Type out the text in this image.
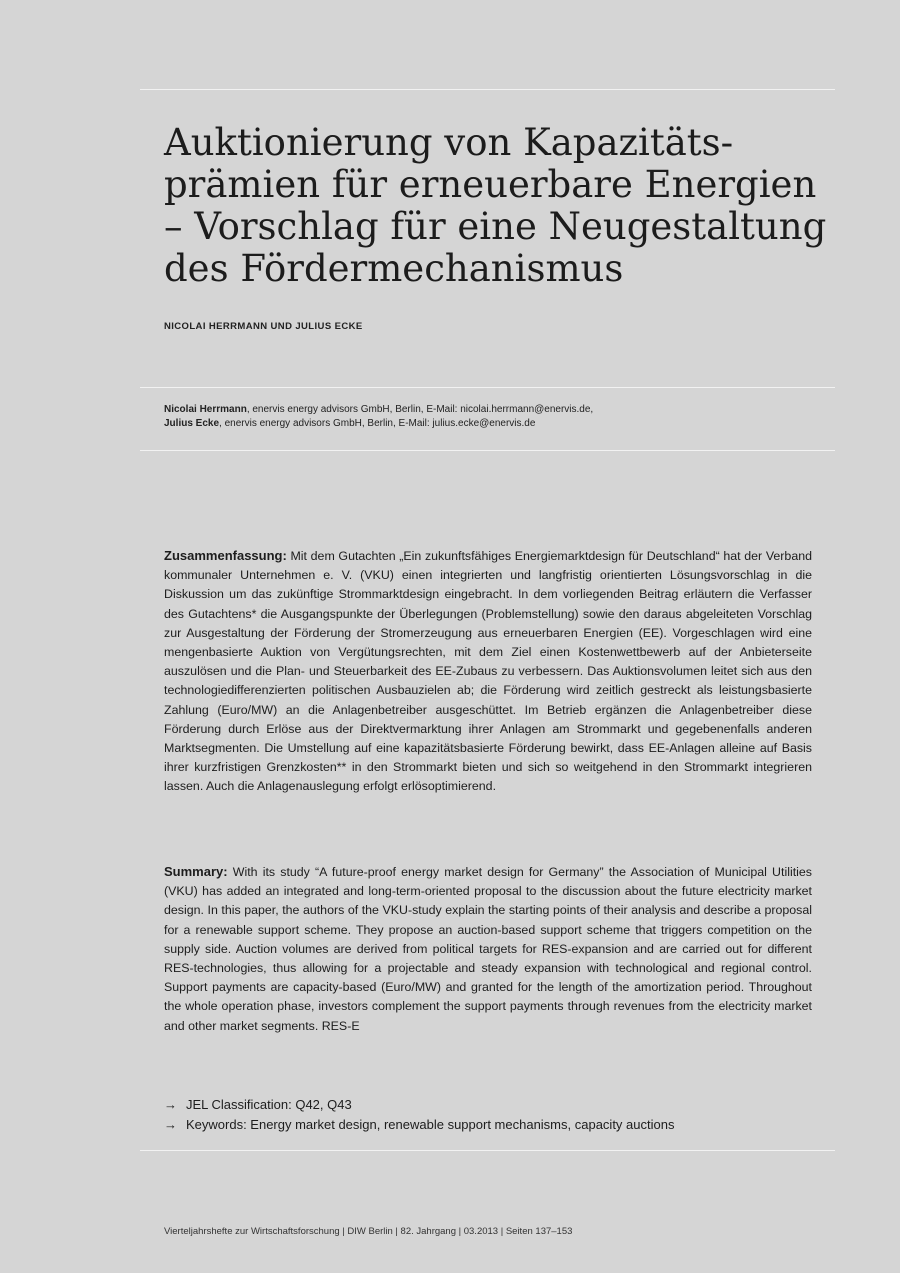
Auktionierung von Kapazitäts-
prämien für erneuerbare Energien
– Vorschlag für eine Neugestaltung
des Fördermechanismus
NICOLAI HERRMANN UND JULIUS ECKE
Nicolai Herrmann, enervis energy advisors GmbH, Berlin, E-Mail: nicolai.herrmann@enervis.de,
Julius Ecke, enervis energy advisors GmbH, Berlin, E-Mail: julius.ecke@enervis.de

Zusammenfassung: Mit dem Gutachten „Ein zukunftsfähiges Energiemarktdesign für Deutschland“ hat der Verband kommunaler Unternehmen e. V. (VKU) einen integrierten und langfristig orientierten Lösungsvorschlag in die Diskussion um das zukünftige Strommarktdesign eingebracht. In dem vorliegenden Beitrag erläutern die Verfasser des Gutachtens* die Ausgangspunkte der Überlegungen (Problemstellung) sowie den daraus abgeleiteten Vorschlag zur Ausgestaltung der Förderung der Stromerzeugung aus erneuerbaren Energien (EE). Vorgeschlagen wird eine mengenbasierte Auktion von Vergütungsrechten, mit dem Ziel einen Kostenwettbewerb auf der Anbieterseite auszulösen und die Plan- und Steuerbarkeit des EE-Zubaus zu verbessern. Das Auktionsvolumen leitet sich aus den technologiedifferenzierten politischen Ausbauzielen ab; die Förderung wird zeitlich gestreckt als leistungsbasierte Zahlung (Euro/MW) an die Anlagenbetreiber ausgeschüttet. Im Betrieb ergänzen die Anlagenbetreiber diese Förderung durch Erlöse aus der Direktvermarktung ihrer Anlagen am Strommarkt und gegebenenfalls anderen Marktsegmenten. Die Umstellung auf eine kapazitätsbasierte Förderung bewirkt, dass EE-Anlagen alleine auf Basis ihrer kurzfristigen Grenzkosten** in den Strommarkt bieten und sich so weitgehend in den Strommarkt integrieren lassen. Auch die Anlagenauslegung erfolgt erlösoptimierend.

Summary: With its study “A future-proof energy market design for Germany” the Association of Municipal Utilities (VKU) has added an integrated and long-term-oriented proposal to the discussion about the future electricity market design. In this paper, the authors of the VKU-study explain the starting points of their analysis and describe a proposal for a renewable support scheme. They propose an auction-based support scheme that triggers competition on the supply side. Auction volumes are derived from political targets for RES-expansion and are carried out for different RES-technologies, thus allowing for a projectable and steady expansion with technological and regional control. Support payments are capacity-based (Euro/MW) and granted for the length of the amortization period. Throughout the whole operation phase, investors complement the support payments through revenues from the electricity market and other market segments. RES-E

→ JEL Classification: Q42, Q43
→ Keywords: Energy market design, renewable support mechanisms, capacity auctions
Vierteljahrshefte zur Wirtschaftsforschung | DIW Berlin | 82. Jahrgang | 03.2013 | Seiten 137–153
